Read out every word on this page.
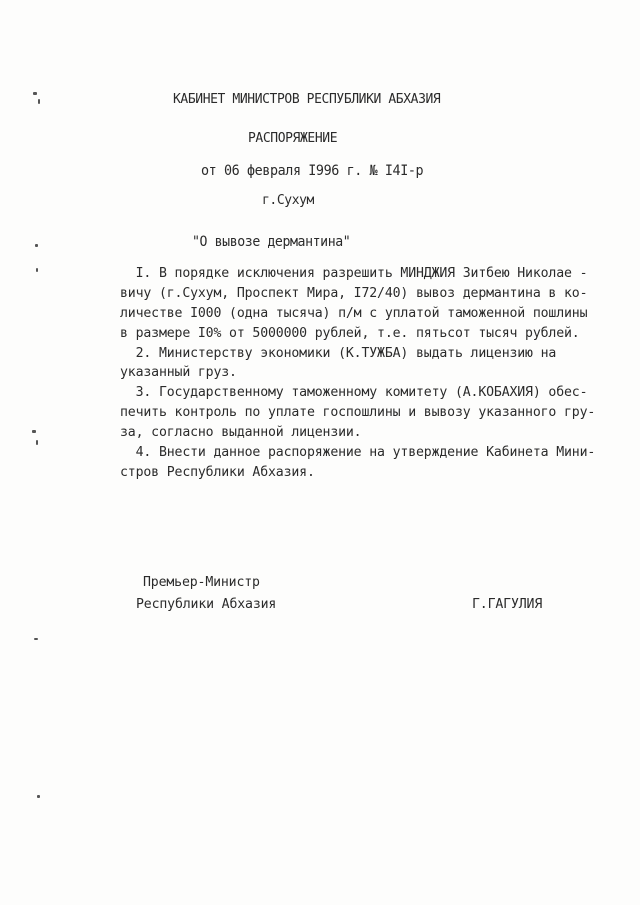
КАБИНЕТ МИНИСТРОВ РЕСПУБЛИКИ АБХАЗИЯ
РАСПОРЯЖЕНИЕ
от 06 февраля I996 г. № I4I-р
г.Сухум
"О вывозе дермантина"
I. В порядке исключения разрешить МИНДЖИЯ Зитбею Николае -
вичу (г.Сухум, Проспект Мира, I72/40) вывоз дермантина в ко-
личестве I000 (одна тысяча) п/м с уплатой таможенной пошлины
в размере I0% от 5000000 рублей, т.е. пятьсот тысяч рублей.
2. Министерству экономики (К.ТУЖБА) выдать лицензию на
указанный груз.
3. Государственному таможенному комитету (А.КОБАХИЯ) обес-
печить контроль по уплате госпошлины и вывозу указанного гру-
за, согласно выданной лицензии.
4. Внести данное распоряжение на утверждение Кабинета Мини-
стров Республики Абхазия.
Премьер-Министр
Республики Абхазия	Г.ГАГУЛИЯ
